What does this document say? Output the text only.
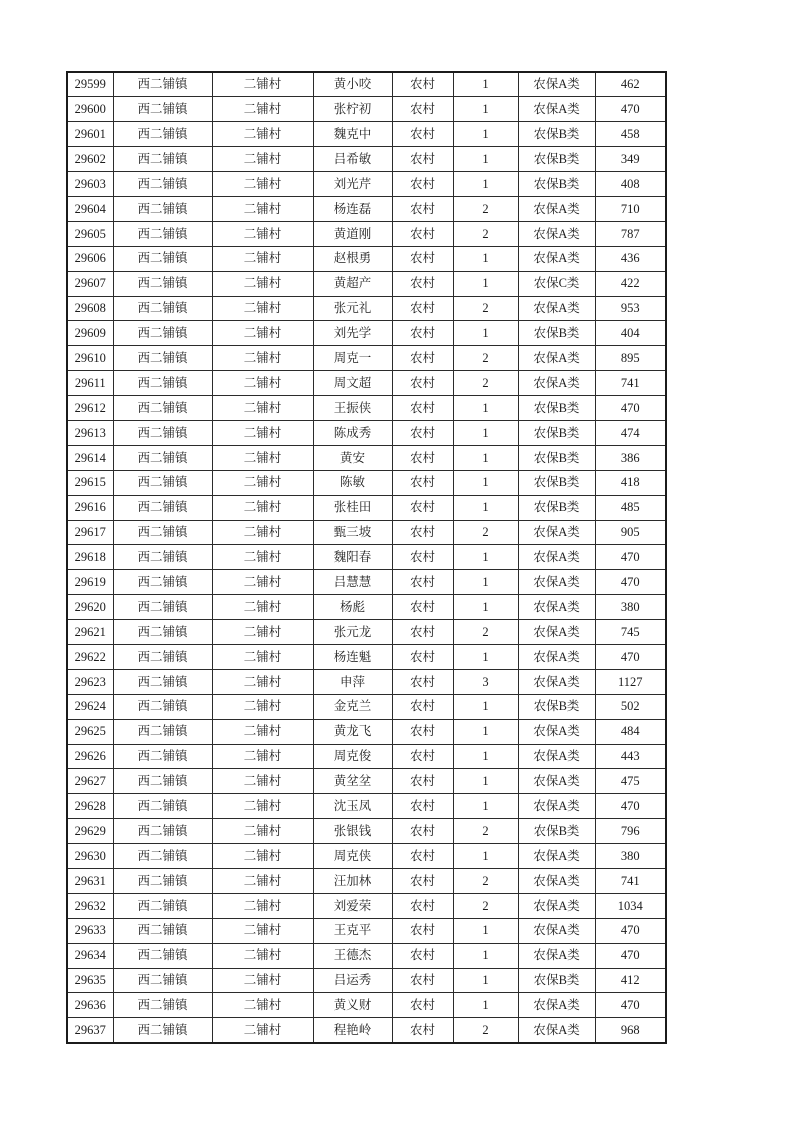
29599	西二铺镇	二铺村	黄小咬	农村	1	农保A类	462
29600	西二铺镇	二铺村	张柠初	农村	1	农保A类	470
29601	西二铺镇	二铺村	魏克中	农村	1	农保B类	458
29602	西二铺镇	二铺村	吕希敏	农村	1	农保B类	349
29603	西二铺镇	二铺村	刘光芹	农村	1	农保B类	408
29604	西二铺镇	二铺村	杨连磊	农村	2	农保A类	710
29605	西二铺镇	二铺村	黄道刚	农村	2	农保A类	787
29606	西二铺镇	二铺村	赵根勇	农村	1	农保A类	436
29607	西二铺镇	二铺村	黄超产	农村	1	农保C类	422
29608	西二铺镇	二铺村	张元礼	农村	2	农保A类	953
29609	西二铺镇	二铺村	刘先学	农村	1	农保B类	404
29610	西二铺镇	二铺村	周克一	农村	2	农保A类	895
29611	西二铺镇	二铺村	周文超	农村	2	农保A类	741
29612	西二铺镇	二铺村	王振侠	农村	1	农保B类	470
29613	西二铺镇	二铺村	陈成秀	农村	1	农保B类	474
29614	西二铺镇	二铺村	黄安	农村	1	农保B类	386
29615	西二铺镇	二铺村	陈敏	农村	1	农保B类	418
29616	西二铺镇	二铺村	张桂田	农村	1	农保B类	485
29617	西二铺镇	二铺村	甄三坡	农村	2	农保A类	905
29618	西二铺镇	二铺村	魏阳春	农村	1	农保A类	470
29619	西二铺镇	二铺村	吕慧慧	农村	1	农保A类	470
29620	西二铺镇	二铺村	杨彪	农村	1	农保A类	380
29621	西二铺镇	二铺村	张元龙	农村	2	农保A类	745
29622	西二铺镇	二铺村	杨连魁	农村	1	农保A类	470
29623	西二铺镇	二铺村	申萍	农村	3	农保A类	1127
29624	西二铺镇	二铺村	金克兰	农村	1	农保B类	502
29625	西二铺镇	二铺村	黄龙飞	农村	1	农保A类	484
29626	西二铺镇	二铺村	周克俊	农村	1	农保A类	443
29627	西二铺镇	二铺村	黄坌坌	农村	1	农保A类	475
29628	西二铺镇	二铺村	沈玉凤	农村	1	农保A类	470
29629	西二铺镇	二铺村	张银钱	农村	2	农保B类	796
29630	西二铺镇	二铺村	周克侠	农村	1	农保A类	380
29631	西二铺镇	二铺村	汪加林	农村	2	农保A类	741
29632	西二铺镇	二铺村	刘爱荣	农村	2	农保A类	1034
29633	西二铺镇	二铺村	王克平	农村	1	农保A类	470
29634	西二铺镇	二铺村	王德杰	农村	1	农保A类	470
29635	西二铺镇	二铺村	吕运秀	农村	1	农保B类	412
29636	西二铺镇	二铺村	黄义财	农村	1	农保A类	470
29637	西二铺镇	二铺村	程艳岭	农村	2	农保A类	968
